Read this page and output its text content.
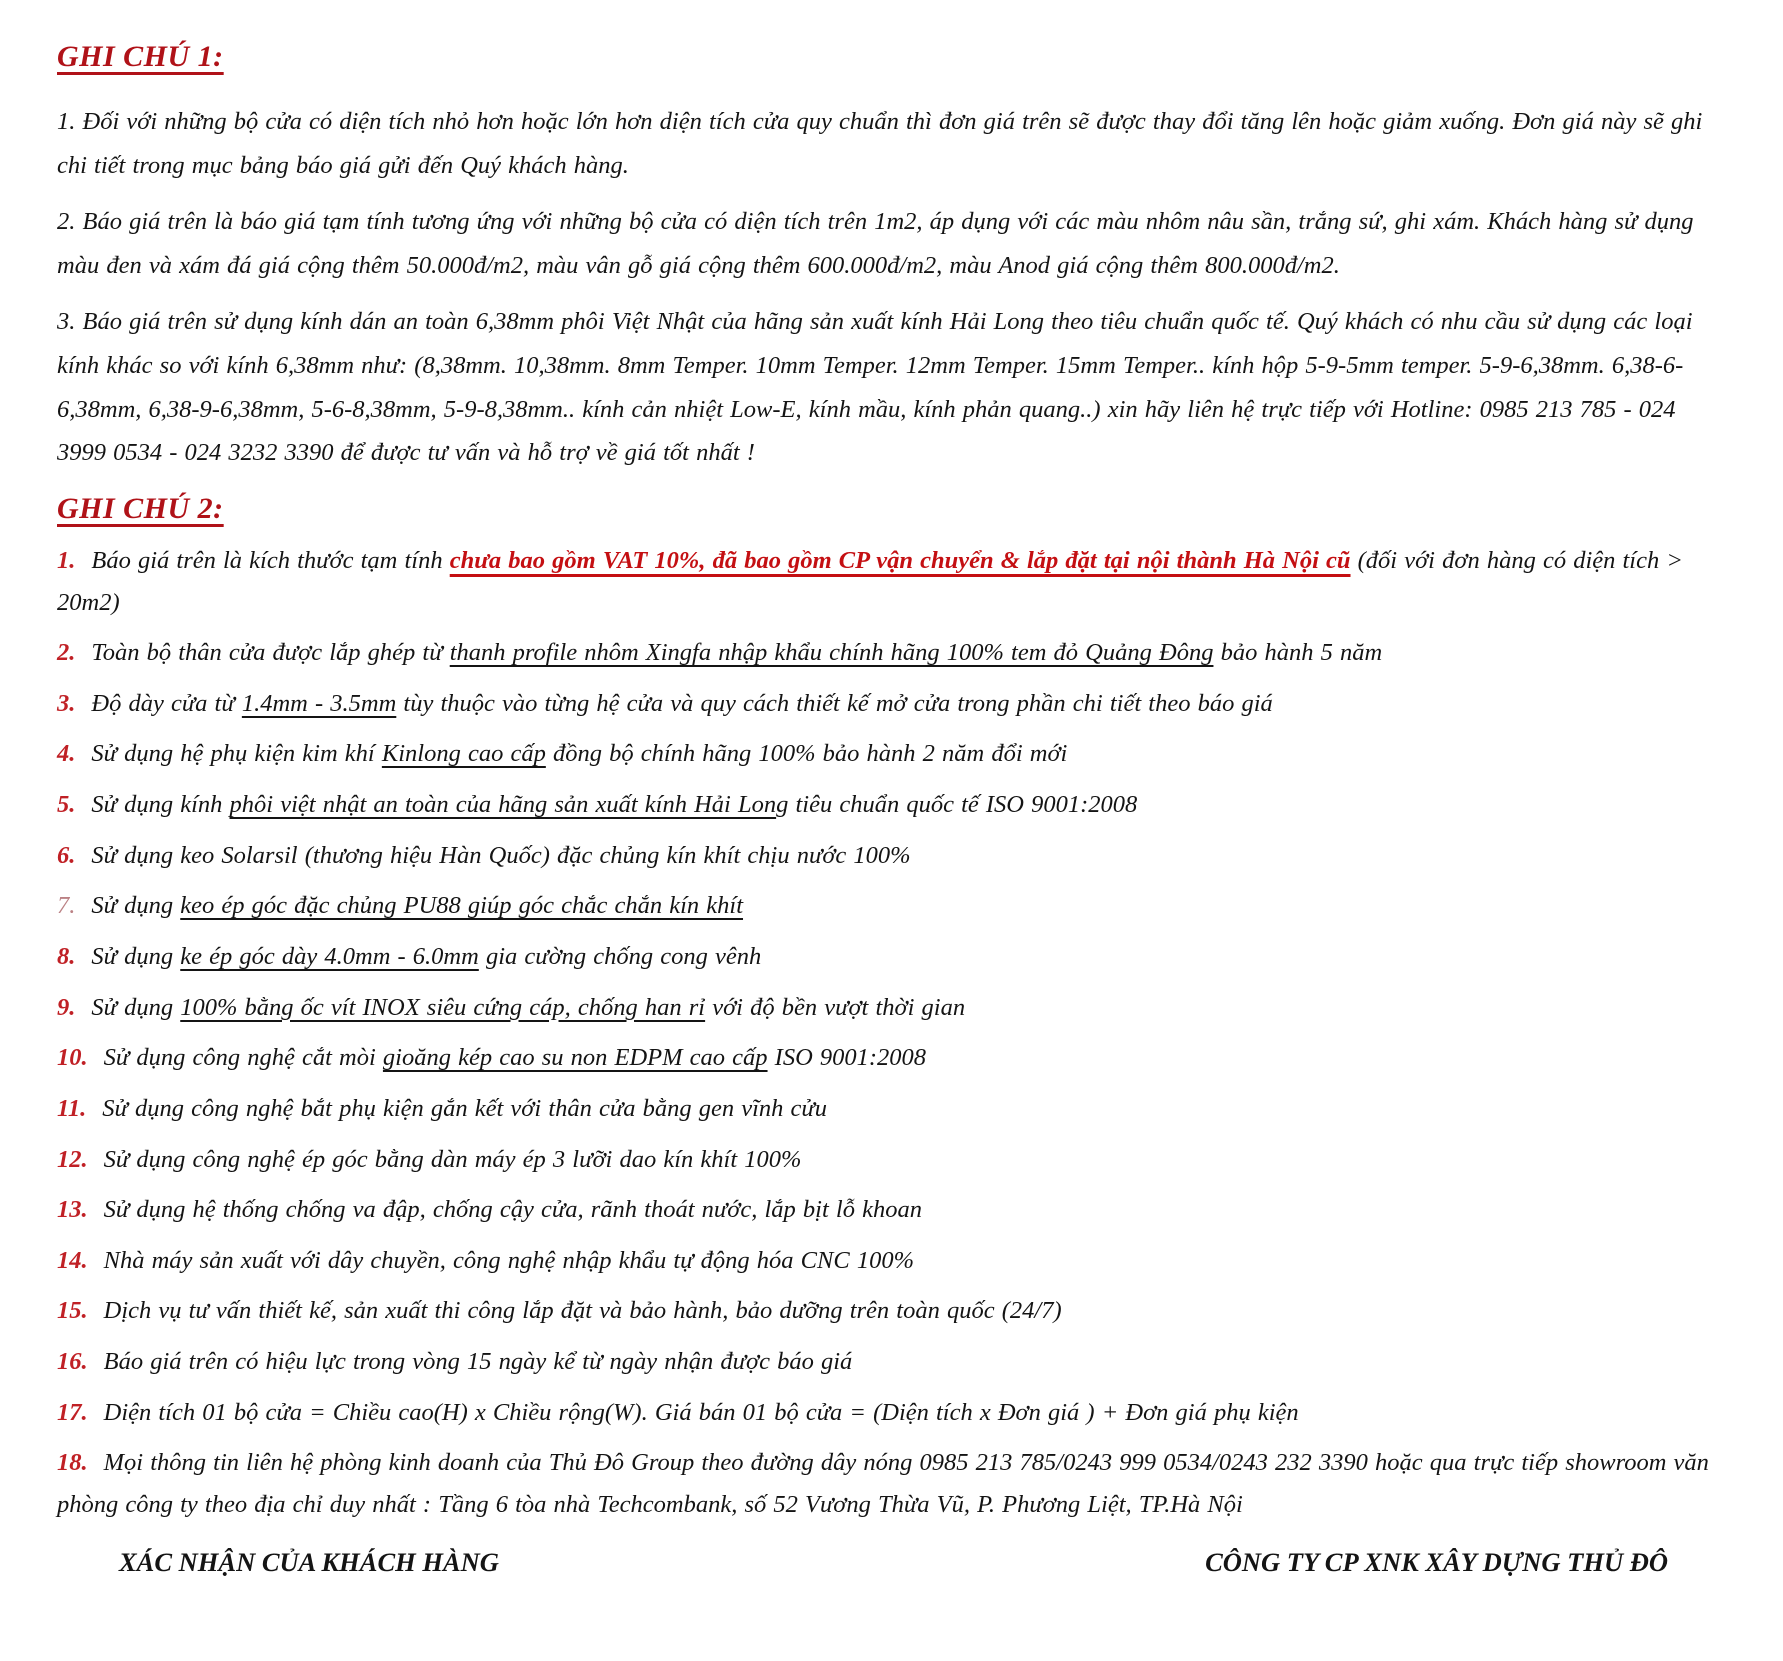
GHI CHÚ 1:

1. Đối với những bộ cửa có diện tích nhỏ hơn hoặc lớn hơn diện tích cửa quy chuẩn thì đơn giá trên sẽ được thay đổi tăng lên hoặc giảm xuống. Đơn giá này sẽ ghi chi tiết trong mục bảng báo giá gửi đến Quý khách hàng.

2. Báo giá trên là báo giá tạm tính tương ứng với những bộ cửa có diện tích trên 1m2, áp dụng với các màu nhôm nâu sần, trắng sứ, ghi xám. Khách hàng sử dụng màu đen và xám đá giá cộng thêm 50.000đ/m2, màu vân gỗ giá cộng thêm 600.000đ/m2, màu Anod giá cộng thêm 800.000đ/m2.

3. Báo giá trên sử dụng kính dán an toàn 6,38mm phôi Việt Nhật của hãng sản xuất kính Hải Long theo tiêu chuẩn quốc tế. Quý khách có nhu cầu sử dụng các loại kính khác so với kính 6,38mm như: (8,38mm. 10,38mm. 8mm Temper. 10mm Temper. 12mm Temper. 15mm Temper.. kính hộp 5-9-5mm temper. 5-9-6,38mm. 6,38-6-6,38mm, 6,38-9-6,38mm, 5-6-8,38mm, 5-9-8,38mm.. kính cản nhiệt Low-E, kính mầu, kính phản quang..) xin hãy liên hệ trực tiếp với Hotline: 0985 213 785 - 024 3999 0534 - 024 3232 3390 để được tư vấn và hỗ trợ về giá tốt nhất !

GHI CHÚ 2:
1. Báo giá trên là kích thước tạm tính chưa bao gồm VAT 10%, đã bao gồm CP vận chuyển & lắp đặt tại nội thành Hà Nội cũ (đối với đơn hàng có diện tích > 20m2)
2. Toàn bộ thân cửa được lắp ghép từ thanh profile nhôm Xingfa nhập khẩu chính hãng 100% tem đỏ Quảng Đông bảo hành 5 năm
3. Độ dày cửa từ 1.4mm - 3.5mm tùy thuộc vào từng hệ cửa và quy cách thiết kế mở cửa trong phần chi tiết theo báo giá
4. Sử dụng hệ phụ kiện kim khí Kinlong cao cấp đồng bộ chính hãng 100% bảo hành 2 năm đổi mới
5. Sử dụng kính phôi việt nhật an toàn của hãng sản xuất kính Hải Long tiêu chuẩn quốc tế ISO 9001:2008
6. Sử dụng keo Solarsil (thương hiệu Hàn Quốc) đặc chủng kín khít chịu nước 100%
7. Sử dụng keo ép góc đặc chủng PU88 giúp góc chắc chắn kín khít
8. Sử dụng ke ép góc dày 4.0mm - 6.0mm gia cường chống cong vênh
9. Sử dụng 100% bằng ốc vít INOX siêu cứng cáp, chống han rỉ với độ bền vượt thời gian
10. Sử dụng công nghệ cắt mòi gioăng kép cao su non EDPM cao cấp ISO 9001:2008
11. Sử dụng công nghệ bắt phụ kiện gắn kết với thân cửa bằng gen vĩnh cửu
12. Sử dụng công nghệ ép góc bằng dàn máy ép 3 lưỡi dao kín khít 100%
13. Sử dụng hệ thống chống va đập, chống cậy cửa, rãnh thoát nước, lắp bịt lỗ khoan
14. Nhà máy sản xuất với dây chuyền, công nghệ nhập khẩu tự động hóa CNC 100%
15. Dịch vụ tư vấn thiết kế, sản xuất thi công lắp đặt và bảo hành, bảo dưỡng trên toàn quốc (24/7)
16. Báo giá trên có hiệu lực trong vòng 15 ngày kể từ ngày nhận được báo giá
17. Diện tích 01 bộ cửa = Chiều cao(H) x Chiều rộng(W). Giá bán 01 bộ cửa = (Diện tích x Đơn giá ) + Đơn giá phụ kiện
18. Mọi thông tin liên hệ phòng kinh doanh của Thủ Đô Group theo đường dây nóng 0985 213 785/0243 999 0534/0243 232 3390 hoặc qua trực tiếp showroom văn phòng công ty theo địa chỉ duy nhất : Tầng 6 tòa nhà Techcombank, số 52 Vương Thừa Vũ, P. Phương Liệt, TP.Hà Nội
XÁC NHẬN CỦA KHÁCH HÀNG	CÔNG TY CP XNK XÂY DỰNG THỦ ĐÔ
